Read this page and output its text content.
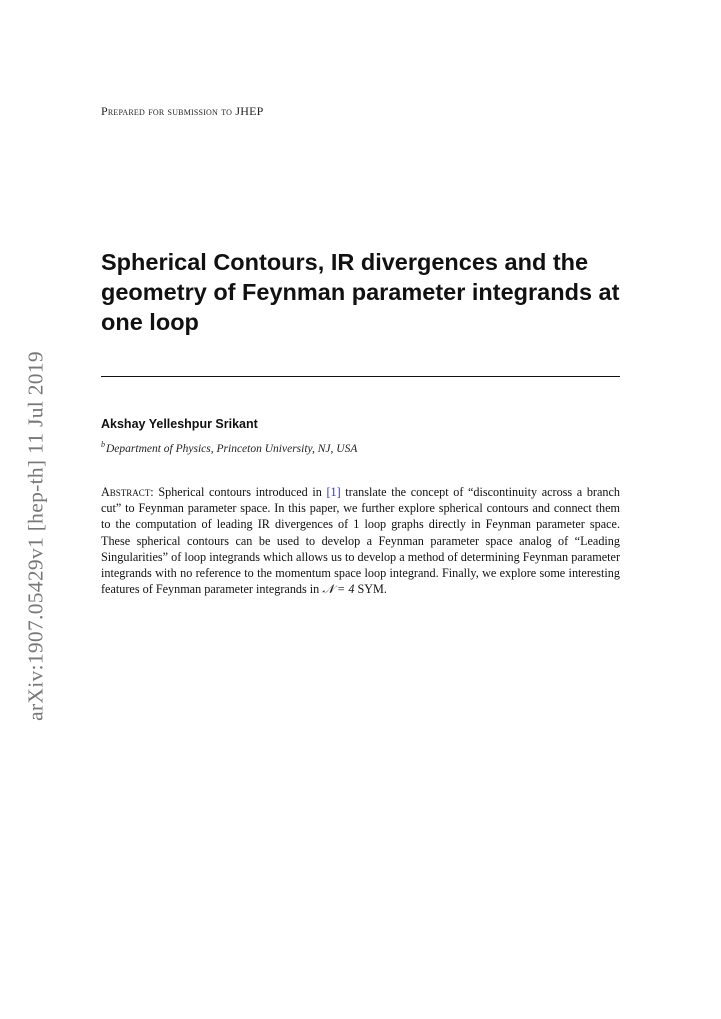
Prepared for submission to JHEP
Spherical Contours, IR divergences and the geometry of Feynman parameter integrands at one loop
Akshay Yelleshpur Srikant
$^b$Department of Physics, Princeton University, NJ, USA
Abstract: Spherical contours introduced in [1] translate the concept of “discontinuity across a branch cut” to Feynman parameter space. In this paper, we further explore spherical contours and connect them to the computation of leading IR divergences of 1 loop graphs directly in Feynman parameter space. These spherical contours can be used to develop a Feynman parameter space analog of “Leading Singularities” of loop integrands which allows us to develop a method of determining Feynman parameter integrands with no reference to the momentum space loop integrand. Finally, we explore some interesting features of Feynman parameter integrands in 𝒩 = 4 SYM.
arXiv:1907.05429v1 [hep-th] 11 Jul 2019
